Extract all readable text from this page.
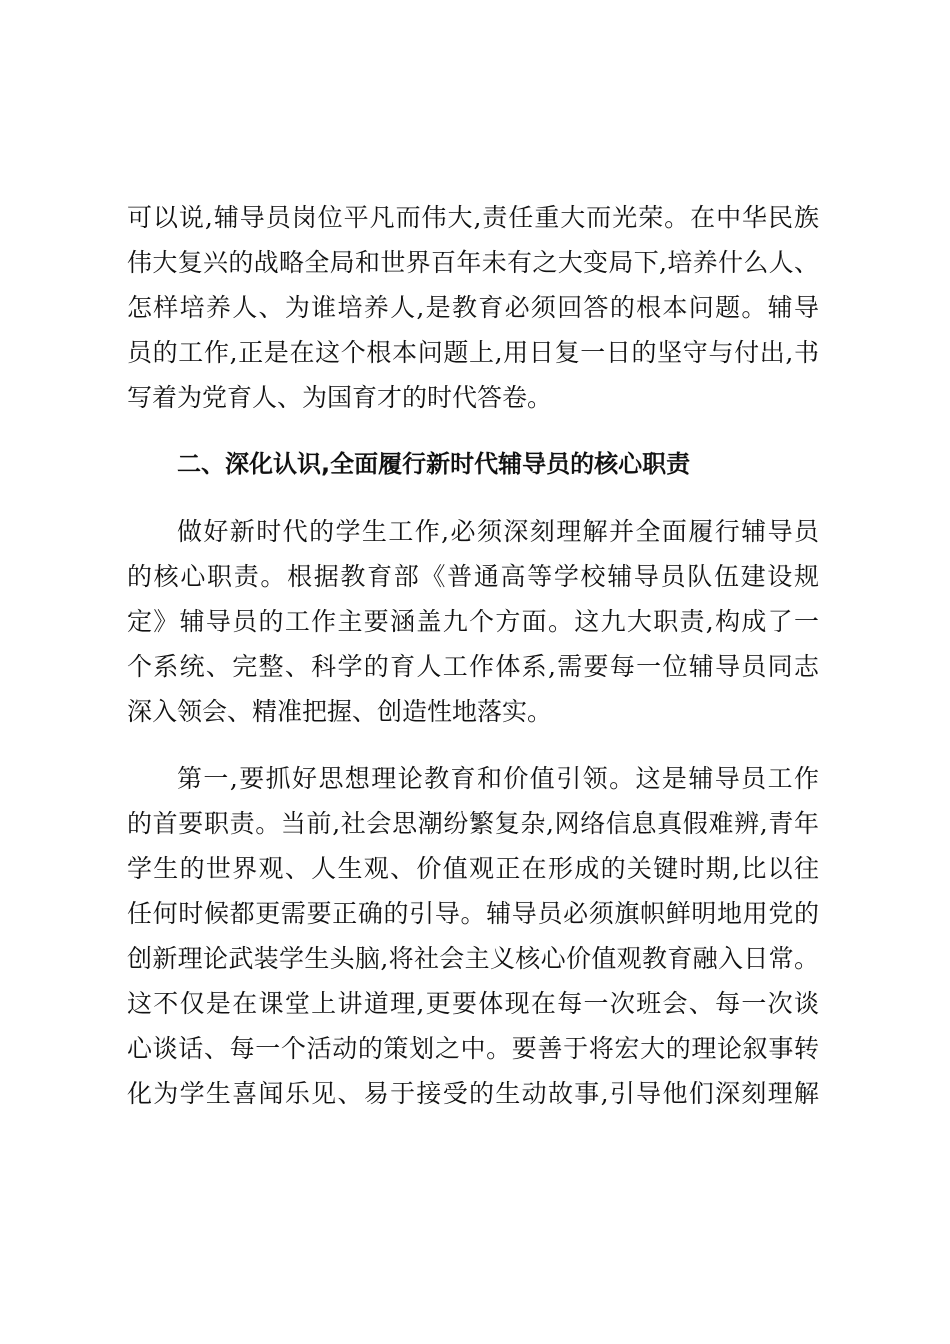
可以说,辅导员岗位平凡而伟大,责任重大而光荣。在中华民族
伟大复兴的战略全局和世界百年未有之大变局下,培养什么人、
怎样培养人、为谁培养人,是教育必须回答的根本问题。辅导
员的工作,正是在这个根本问题上,用日复一日的坚守与付出,书
写着为党育人、为国育才的时代答卷。
二、深化认识,全面履行新时代辅导员的核心职责
做好新时代的学生工作,必须深刻理解并全面履行辅导员
的核心职责。根据教育部《普通高等学校辅导员队伍建设规
定》辅导员的工作主要涵盖九个方面。这九大职责,构成了一
个系统、完整、科学的育人工作体系,需要每一位辅导员同志
深入领会、精准把握、创造性地落实。
第一,要抓好思想理论教育和价值引领。这是辅导员工作
的首要职责。当前,社会思潮纷繁复杂,网络信息真假难辨,青年
学生的世界观、人生观、价值观正在形成的关键时期,比以往
任何时候都更需要正确的引导。辅导员必须旗帜鲜明地用党的
创新理论武装学生头脑,将社会主义核心价值观教育融入日常。
这不仅是在课堂上讲道理,更要体现在每一次班会、每一次谈
心谈话、每一个活动的策划之中。要善于将宏大的理论叙事转
化为学生喜闻乐见、易于接受的生动故事,引导他们深刻理解
